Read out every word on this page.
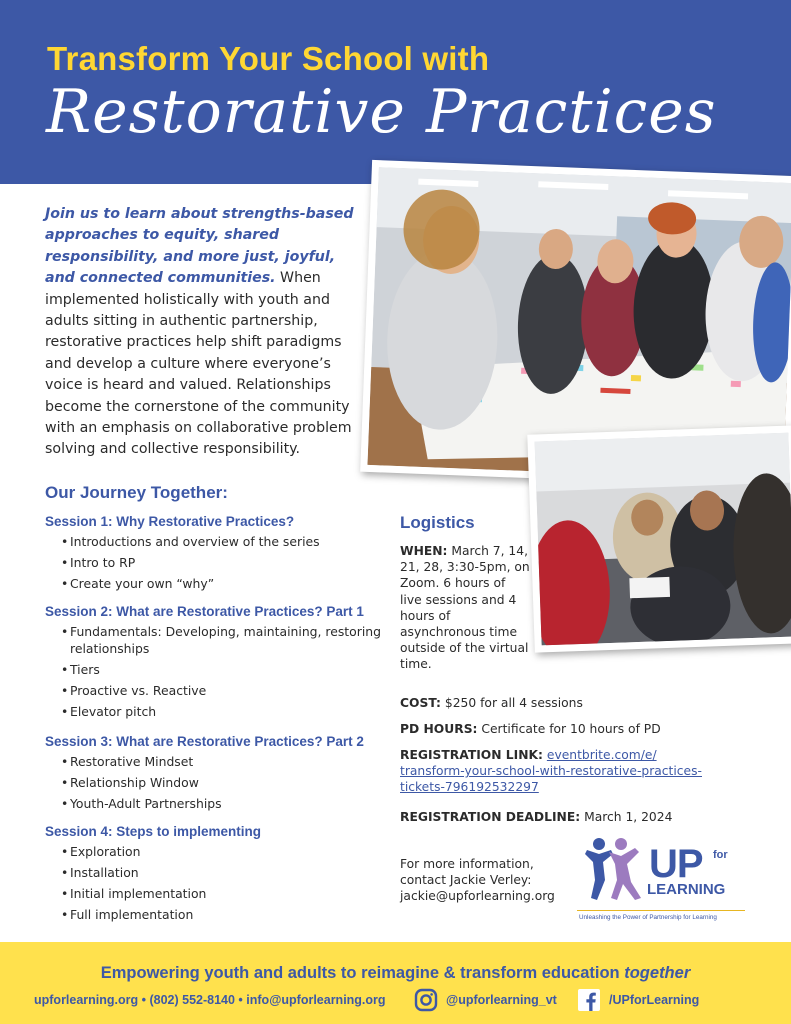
Transform Your School with
Restorative Practices
Join us to learn about strengths-based approaches to equity, shared responsibility, and more just, joyful, and connected communities. When implemented holistically with youth and adults sitting in authentic partnership, restorative practices help shift paradigms and develop a culture where everyone’s voice is heard and valued. Relationships become the cornerstone of the community with an emphasis on collaborative problem solving and collective responsibility.
Our Journey Together:
Session 1: Why Restorative Practices?
• Introductions and overview of the series
• Intro to RP
• Create your own “why”
Session 2: What are Restorative Practices? Part 1
• Fundamentals: Developing, maintaining, restoring relationships
• Tiers
• Proactive vs. Reactive
• Elevator pitch
Session 3: What are Restorative Practices? Part 2
• Restorative Mindset
• Relationship Window
• Youth-Adult Partnerships
Session 4: Steps to implementing
• Exploration
• Installation
• Initial implementation
• Full implementation
Logistics
WHEN: March 7, 14, 21, 28, 3:30-5pm, on Zoom. 6 hours of live sessions and 4 hours of asynchronous time outside of the virtual time.
COST: $250 for all 4 sessions
PD HOURS: Certificate for 10 hours of PD
REGISTRATION LINK: eventbrite.com/e/
transform-your-school-with-restorative-practices-
tickets-796192532297
REGISTRATION DEADLINE: March 1, 2024
For more information,
contact Jackie Verley:
jackie@upforlearning.org
UP for
LEARNING
Unleashing the Power of Partnership for Learning
Empowering youth and adults to reimagine & transform education together
upforlearning.org • (802) 552-8140 • info@upforlearning.org	@upforlearning_vt	/UPforLearning
